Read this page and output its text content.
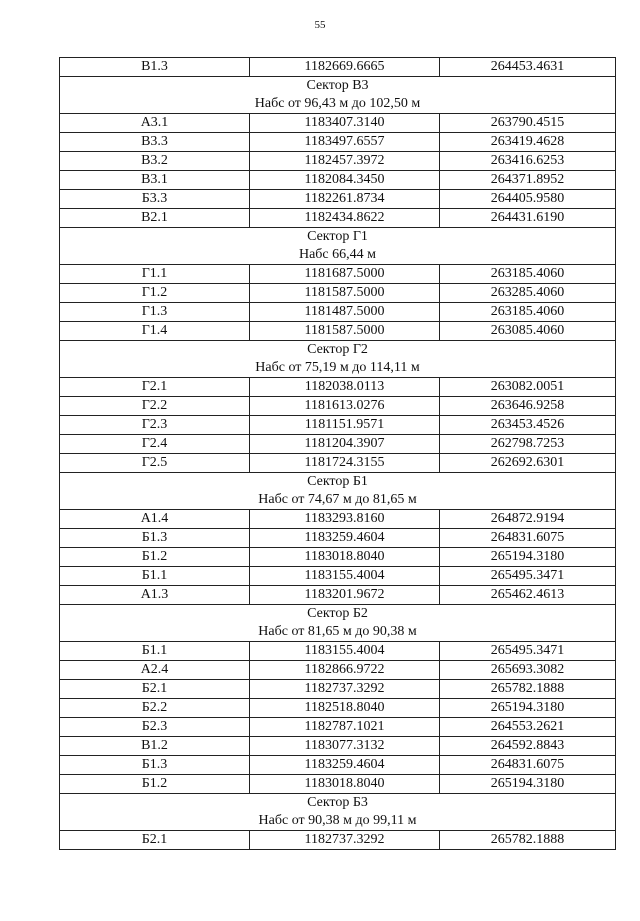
55
В1.3	1182669.6665	264453.4631

Сектор В3
Набс от 96,43 м до 102,50 м		

А3.1	1183407.3140	263790.4515
В3.3	1183497.6557	263419.4628
В3.2	1182457.3972	263416.6253
В3.1	1182084.3450	264371.8952
Б3.3	1182261.8734	264405.9580
В2.1	1182434.8622	264431.6190

Сектор Г1
Набс 66,44 м		

Г1.1	1181687.5000	263185.4060
Г1.2	1181587.5000	263285.4060
Г1.3	1181487.5000	263185.4060
Г1.4	1181587.5000	263085.4060

Сектор Г2
Набс от 75,19 м до 114,11 м		

Г2.1	1182038.0113	263082.0051
Г2.2	1181613.0276	263646.9258
Г2.3	1181151.9571	263453.4526
Г2.4	1181204.3907	262798.7253
Г2.5	1181724.3155	262692.6301

Сектор Б1
Набс от 74,67 м до 81,65 м		

А1.4	1183293.8160	264872.9194
Б1.3	1183259.4604	264831.6075
Б1.2	1183018.8040	265194.3180
Б1.1	1183155.4004	265495.3471
А1.3	1183201.9672	265462.4613

Сектор Б2
Набс от 81,65 м до 90,38 м		

Б1.1	1183155.4004	265495.3471
А2.4	1182866.9722	265693.3082
Б2.1	1182737.3292	265782.1888
Б2.2	1182518.8040	265194.3180
Б2.3	1182787.1021	264553.2621
В1.2	1183077.3132	264592.8843
Б1.3	1183259.4604	264831.6075
Б1.2	1183018.8040	265194.3180

Сектор Б3
Набс от 90,38 м до 99,11 м		

Б2.1	1182737.3292	265782.1888
